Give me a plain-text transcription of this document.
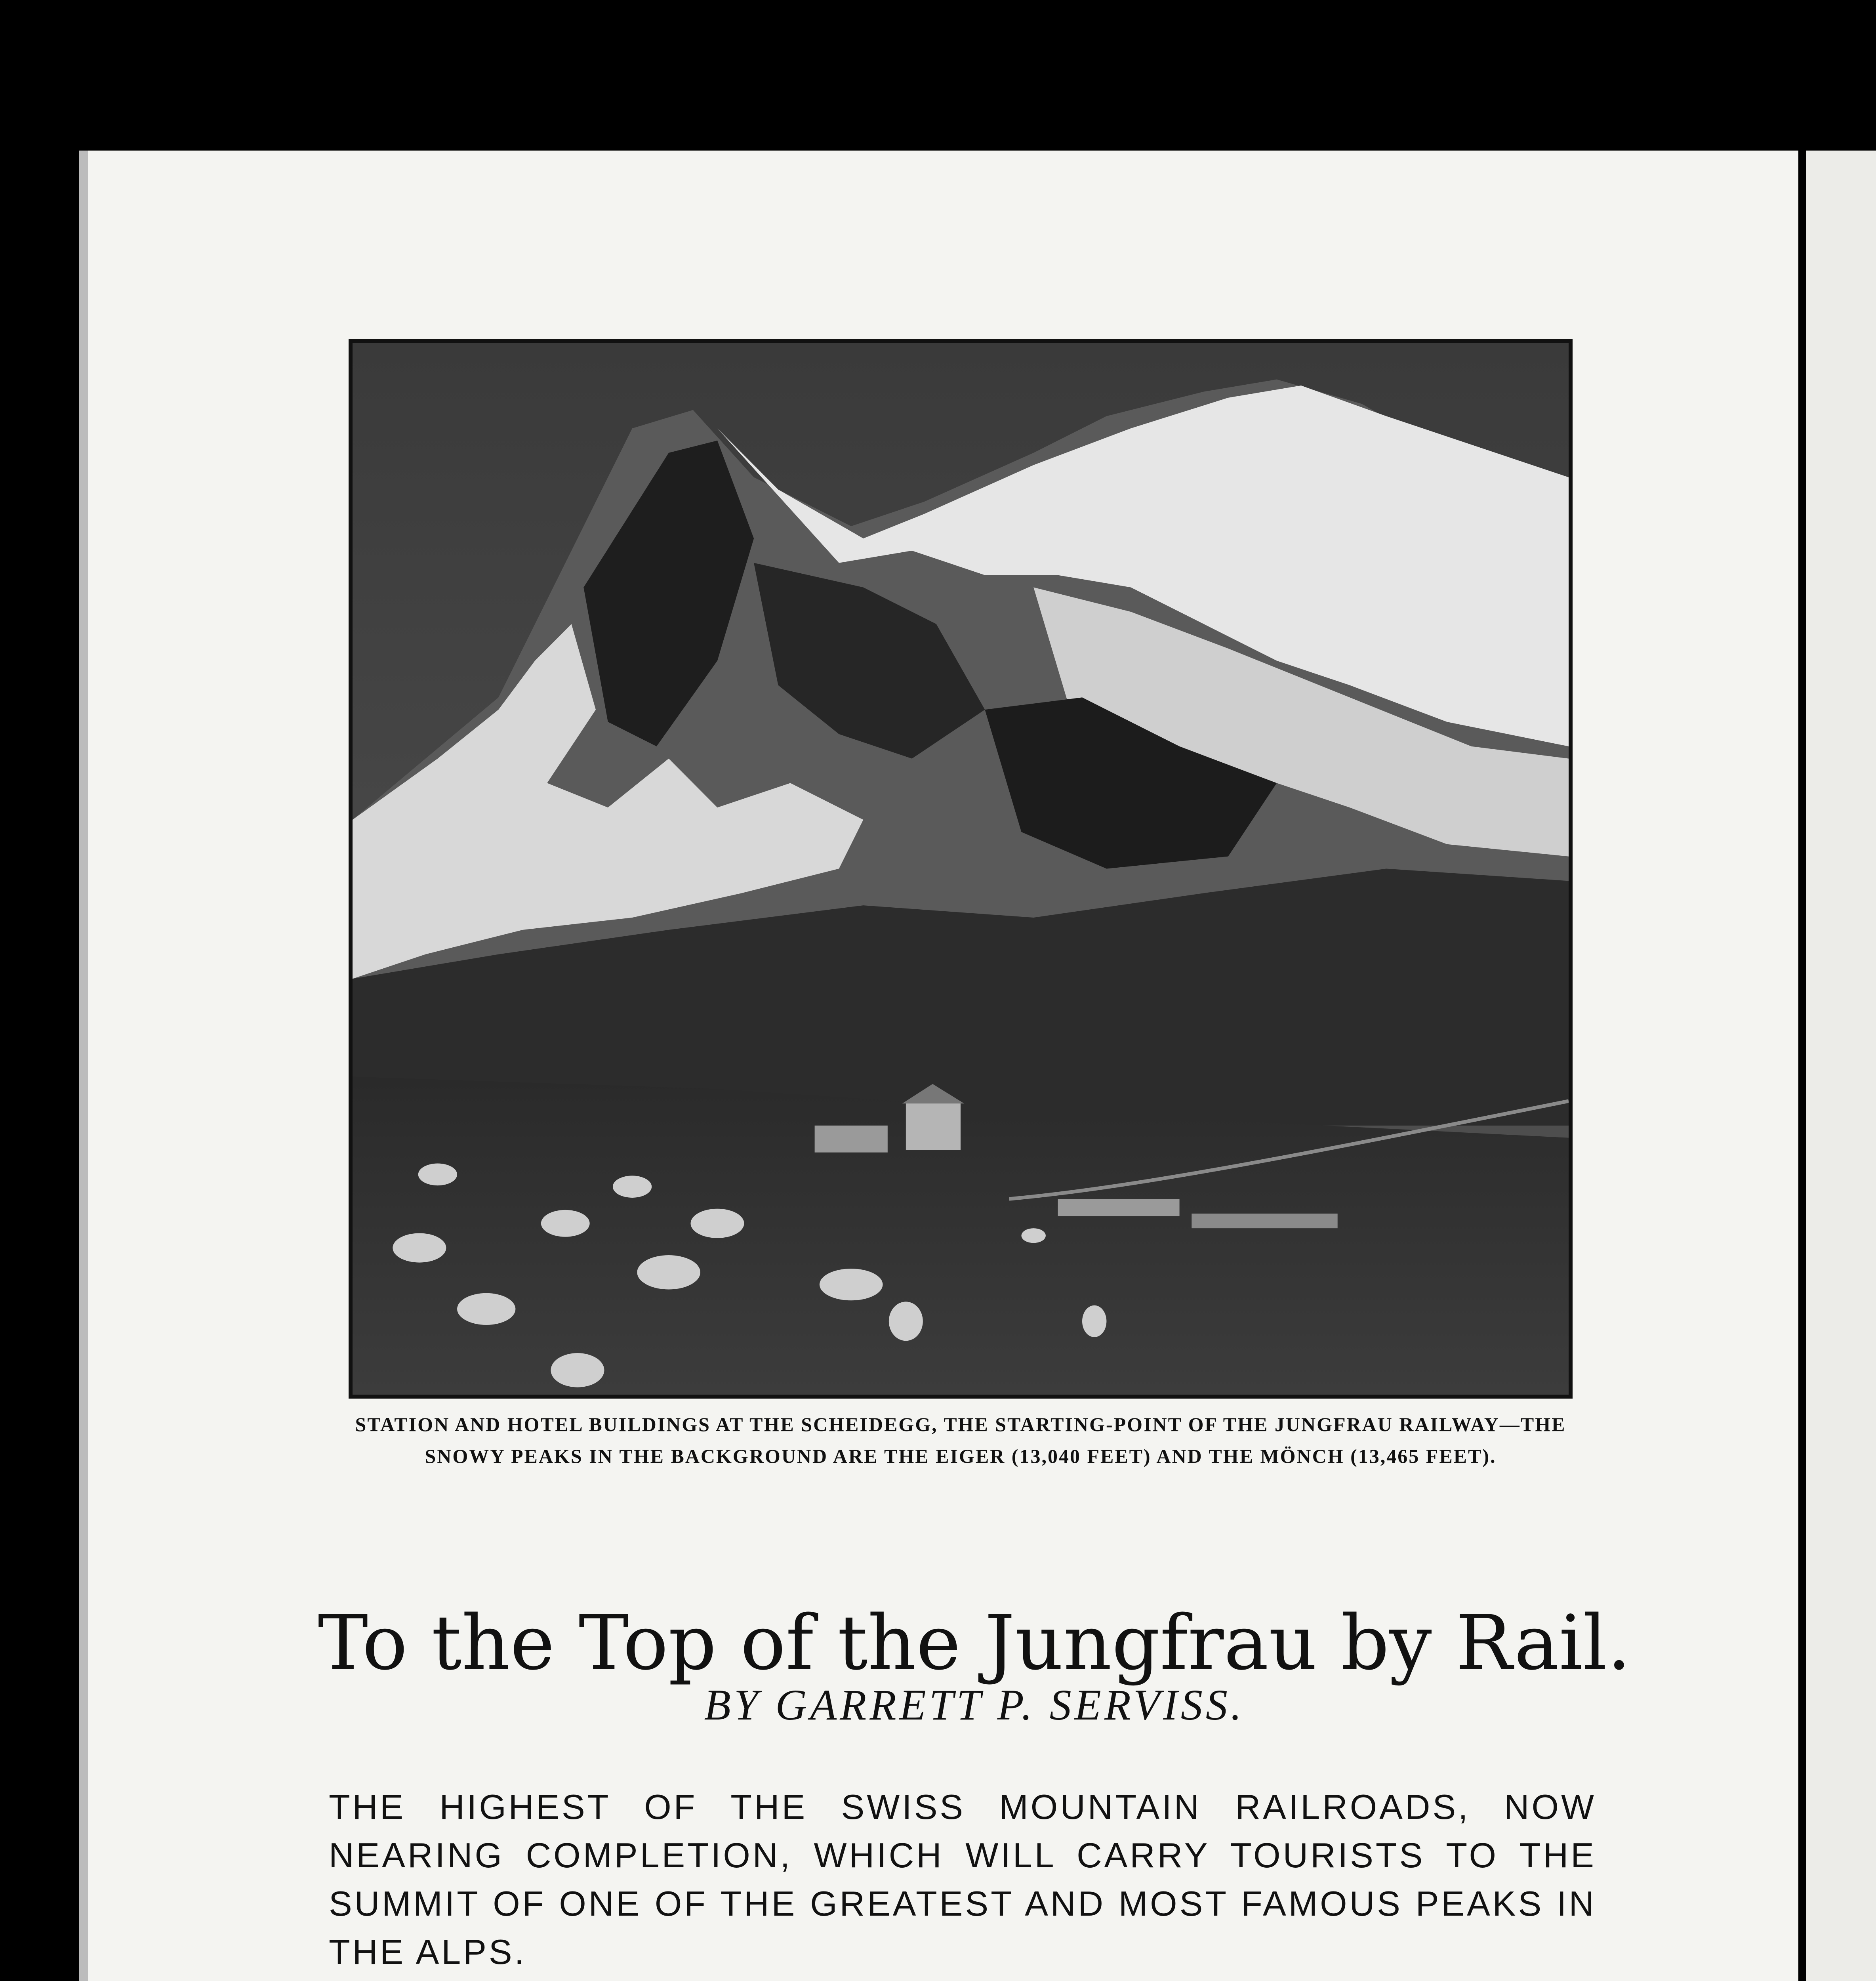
STATION AND HOTEL BUILDINGS AT THE SCHEIDEGG, THE STARTING-POINT OF THE JUNGFRAU RAILWAY—THE SNOWY PEAKS IN THE BACKGROUND ARE THE EIGER (13,040 FEET) AND THE MÖNCH (13,465 FEET).
To the Top of the Jungfrau by Rail.
BY GARRETT P. SERVISS.
THE HIGHEST OF THE SWISS MOUNTAIN RAILROADS, NOW NEARING COMPLETION, WHICH WILL CARRY TOURISTS TO THE SUMMIT OF ONE OF THE GREATEST AND MOST FAMOUS PEAKS IN THE ALPS.
